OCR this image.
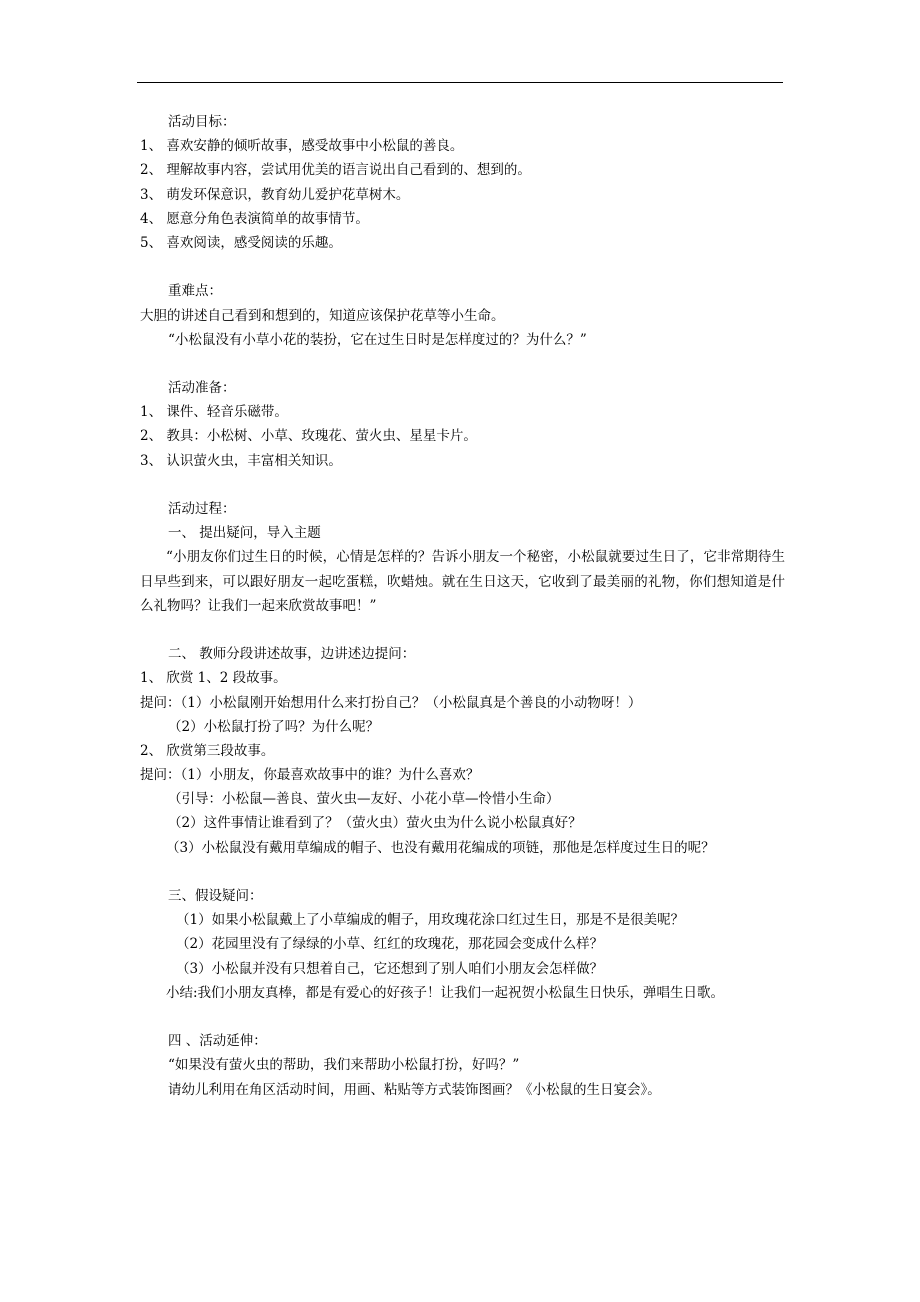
活动目标：

1、 喜欢安静的倾听故事，感受故事中小松鼠的善良。

2、 理解故事内容，尝试用优美的语言说出自己看到的、想到的。

3、 萌发环保意识，教育幼儿爱护花草树木。

4、 愿意分角色表演简单的故事情节。

5、 喜欢阅读，感受阅读的乐趣。

重难点：

大胆的讲述自己看到和想到的，知道应该保护花草等小生命。

“小松鼠没有小草小花的装扮，它在过生日时是怎样度过的？为什么？”

活动准备：

1、 课件、轻音乐磁带。

2、 教具：小松树、小草、玫瑰花、萤火虫、星星卡片。

3、 认识萤火虫，丰富相关知识。

活动过程：

一、 提出疑问，导入主题

“小朋友你们过生日的时候，心情是怎样的？告诉小朋友一个秘密，小松鼠就要过生日了，它非常期待生日早些到来，可以跟好朋友一起吃蛋糕，吹蜡烛。就在生日这天，它收到了最美丽的礼物，你们想知道是什么礼物吗？让我们一起来欣赏故事吧！”

二、 教师分段讲述故事，边讲述边提问：

1、 欣赏 1、2 段故事。

提问：（1）小松鼠刚开始想用什么来打扮自己？（小松鼠真是个善良的小动物呀！）

（2）小松鼠打扮了吗？为什么呢？

2、 欣赏第三段故事。

提问：（1）小朋友，你最喜欢故事中的谁？为什么喜欢？

（引导：小松鼠—善良、萤火虫—友好、小花小草—怜惜小生命）

（2）这件事情让谁看到了？（萤火虫）萤火虫为什么说小松鼠真好？

（3）小松鼠没有戴用草编成的帽子、也没有戴用花编成的项链，那他是怎样度过生日的呢？

三、假设疑问：

（1）如果小松鼠戴上了小草编成的帽子，用玫瑰花涂口红过生日，那是不是很美呢？

（2）花园里没有了绿绿的小草、红红的玫瑰花，那花园会变成什么样？

（3）小松鼠并没有只想着自己，它还想到了别人咱们小朋友会怎样做？

小结:我们小朋友真棒，都是有爱心的好孩子！让我们一起祝贺小松鼠生日快乐，弹唱生日歌。

四 、活动延伸：

“如果没有萤火虫的帮助，我们来帮助小松鼠打扮，好吗？”

请幼儿利用在角区活动时间，用画、粘贴等方式装饰图画？《小松鼠的生日宴会》。
